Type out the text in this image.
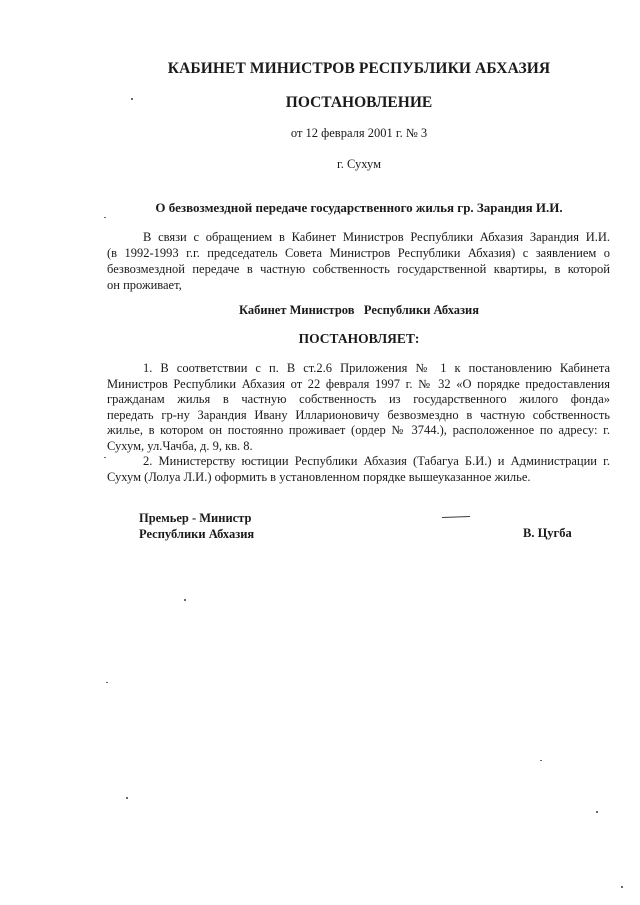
КАБИНЕТ МИНИСТРОВ РЕСПУБЛИКИ АБХАЗИЯ
ПОСТАНОВЛЕНИЕ
от 12 февраля 2001 г. № 3
г. Сухум
О безвозмездной передаче государственного жилья гр. Зарандия И.И.
В связи с обращением в Кабинет Министров Республики Абхазия Зарандия И.И.
(в 1992-1993 г.г. председатель Совета Министров Республики Абхазия) с заявлением о
безвозмездной передаче в частную собственность государственной квартиры, в которой
он проживает,
Кабинет Министров   Республики Абхазия
ПОСТАНОВЛЯЕТ:
1. В соответствии с п. В ст.2.6 Приложения № 1 к постановлению Кабинета
Министров Республики Абхазия от 22 февраля 1997 г. № 32 «О порядке предоставления
гражданам жилья в частную собственность из государственного жилого фонда»
передать гр-ну Зарандия Ивану Илларионовичу безвозмездно в частную собственность
жилье, в котором он постоянно проживает (ордер № 3744.), расположенное по адресу: г.
Сухум, ул.Чачба, д. 9, кв. 8.
2. Министерству юстиции Республики Абхазия (Табагуа Б.И.) и Администрации г.
Сухум (Лолуа Л.И.) оформить в установленном порядке вышеуказанное жилье.
Премьер - Министр
Республики Абхазия	В. Цугба
